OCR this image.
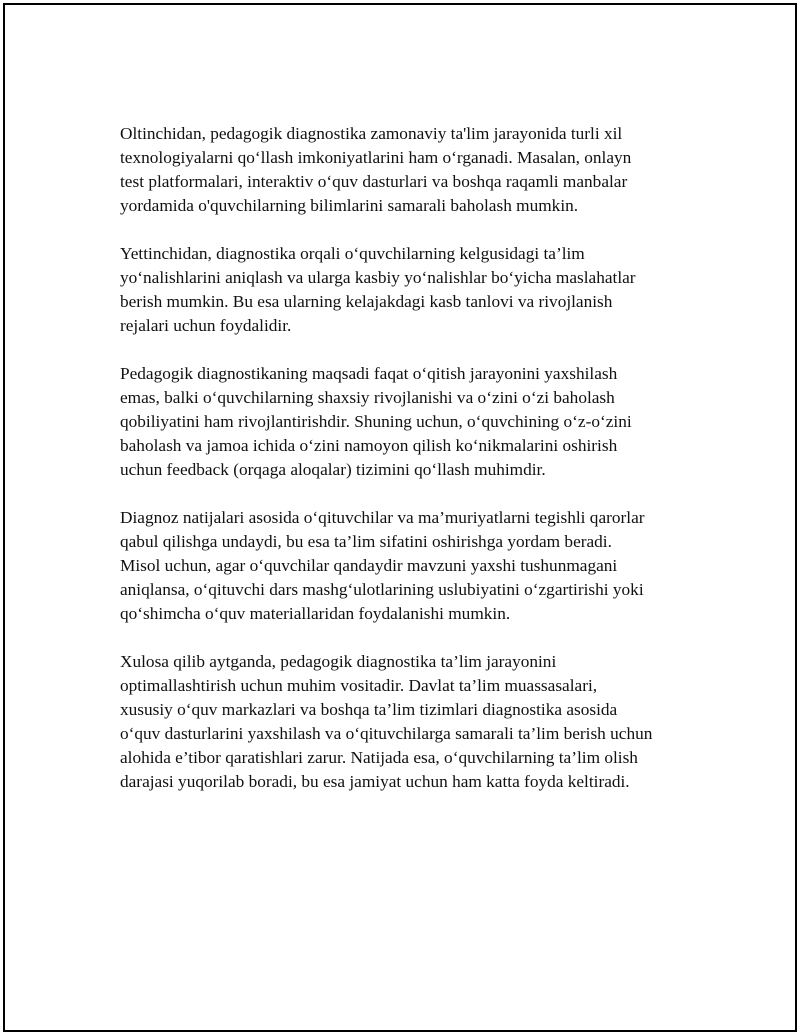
Oltinchidan, pedagogik diagnostika zamonaviy ta'lim jarayonida turli xil
texnologiyalarni qo‘llash imkoniyatlarini ham o‘rganadi. Masalan, onlayn
test platformalari, interaktiv o‘quv dasturlari va boshqa raqamli manbalar
yordamida o'quvchilarning bilimlarini samarali baholash mumkin.

Yettinchidan, diagnostika orqali o‘quvchilarning kelgusidagi ta’lim
yo‘nalishlarini aniqlash va ularga kasbiy yo‘nalishlar bo‘yicha maslahatlar
berish mumkin. Bu esa ularning kelajakdagi kasb tanlovi va rivojlanish
rejalari uchun foydalidir.

Pedagogik diagnostikaning maqsadi faqat o‘qitish jarayonini yaxshilash
emas, balki o‘quvchilarning shaxsiy rivojlanishi va o‘zini o‘zi baholash
qobiliyatini ham rivojlantirishdir. Shuning uchun, o‘quvchining o‘z-o‘zini
baholash va jamoa ichida o‘zini namoyon qilish ko‘nikmalarini oshirish
uchun feedback (orqaga aloqalar) tizimini qo‘llash muhimdir.

Diagnoz natijalari asosida o‘qituvchilar va ma’muriyatlarni tegishli qarorlar
qabul qilishga undaydi, bu esa ta’lim sifatini oshirishga yordam beradi.
Misol uchun, agar o‘quvchilar qandaydir mavzuni yaxshi tushunmagani
aniqlansa, o‘qituvchi dars mashg‘ulotlarining uslubiyatini o‘zgartirishi yoki
qo‘shimcha o‘quv materiallaridan foydalanishi mumkin.

Xulosa qilib aytganda, pedagogik diagnostika ta’lim jarayonini
optimallashtirish uchun muhim vositadir. Davlat ta’lim muassasalari,
xususiy o‘quv markazlari va boshqa ta’lim tizimlari diagnostika asosida
o‘quv dasturlarini yaxshilash va o‘qituvchilarga samarali ta’lim berish uchun
alohida e’tibor qaratishlari zarur. Natijada esa, o‘quvchilarning ta’lim olish
darajasi yuqorilab boradi, bu esa jamiyat uchun ham katta foyda keltiradi.
